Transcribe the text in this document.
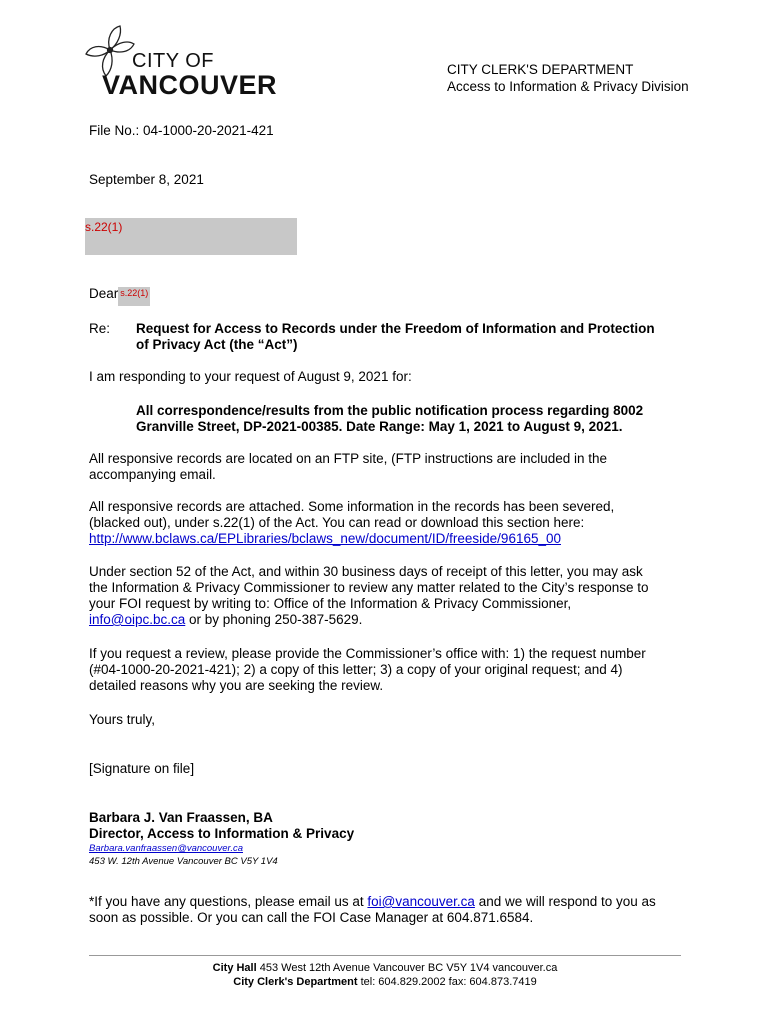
CITY OF
VANCOUVER
CITY CLERK'S DEPARTMENT
Access to Information & Privacy Division
File No.: 04-1000-20-2021-421
September 8, 2021
s.22(1)
Dear s.22(1)
Re: Request for Access to Records under the Freedom of Information and Protection
of Privacy Act (the “Act”)
I am responding to your request of August 9, 2021 for:
All correspondence/results from the public notification process regarding 8002
Granville Street, DP-2021-00385. Date Range: May 1, 2021 to August 9, 2021.
All responsive records are located on an FTP site, (FTP instructions are included in the
accompanying email.
All responsive records are attached. Some information in the records has been severed,
(blacked out), under s.22(1) of the Act. You can read or download this section here:
http://www.bclaws.ca/EPLibraries/bclaws_new/document/ID/freeside/96165_00
Under section 52 of the Act, and within 30 business days of receipt of this letter, you may ask
the Information & Privacy Commissioner to review any matter related to the City’s response to
your FOI request by writing to: Office of the Information & Privacy Commissioner,
info@oipc.bc.ca or by phoning 250-387-5629.
If you request a review, please provide the Commissioner’s office with: 1) the request number
(#04-1000-20-2021-421); 2) a copy of this letter; 3) a copy of your original request; and 4)
detailed reasons why you are seeking the review.
Yours truly,
[Signature on file]
Barbara J. Van Fraassen, BA
Director, Access to Information & Privacy
Barbara.vanfraassen@vancouver.ca
453 W. 12th Avenue Vancouver BC V5Y 1V4
*If you have any questions, please email us at foi@vancouver.ca and we will respond to you as
soon as possible. Or you can call the FOI Case Manager at 604.871.6584.
City Hall 453 West 12th Avenue Vancouver BC V5Y 1V4 vancouver.ca
City Clerk's Department tel: 604.829.2002 fax: 604.873.7419
